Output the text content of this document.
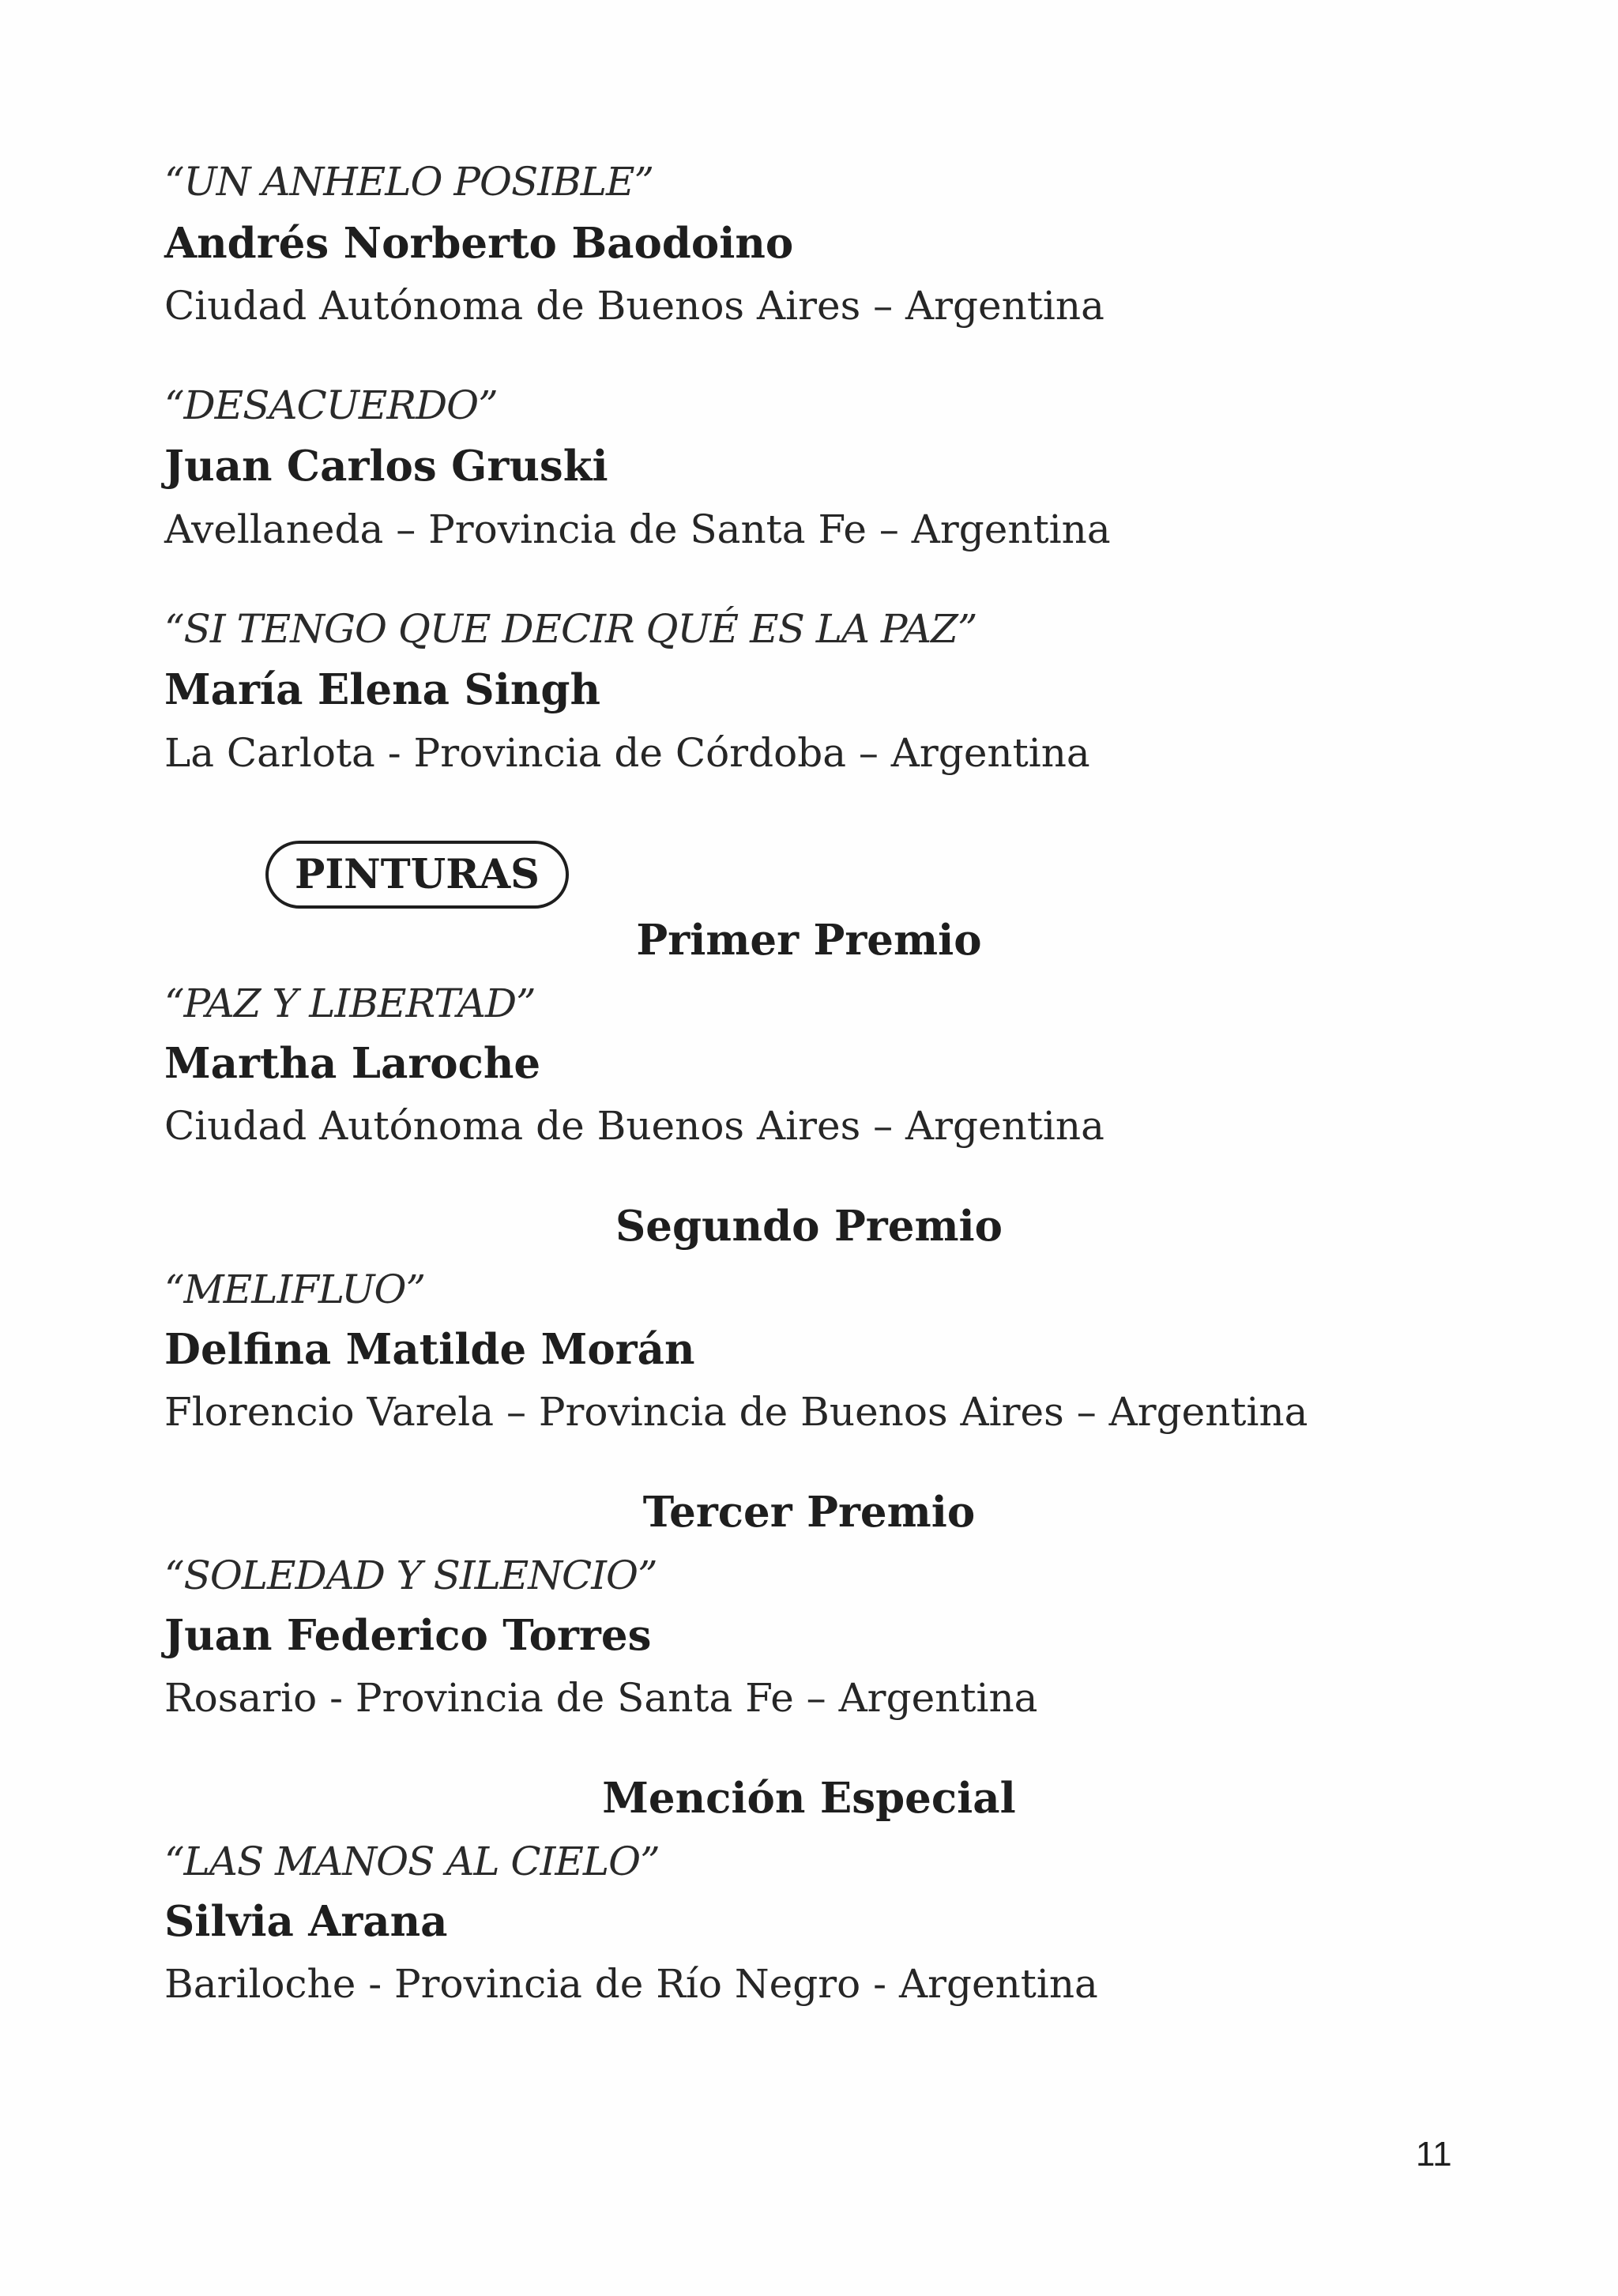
“UN ANHELO POSIBLE”
Andrés Norberto Baodoino
Ciudad Autónoma de Buenos Aires – Argentina
“DESACUERDO”
Juan Carlos Gruski
Avellaneda – Provincia de Santa Fe – Argentina
“SI TENGO QUE DECIR QUÉ ES LA PAZ”
María Elena Singh
La Carlota - Provincia de Córdoba – Argentina
PINTURAS
Primer Premio
“PAZ Y LIBERTAD”
Martha Laroche
Ciudad Autónoma de Buenos Aires – Argentina
Segundo Premio
“MELIFLUO”
Delfina Matilde Morán
Florencio Varela – Provincia de Buenos Aires – Argentina
Tercer Premio
“SOLEDAD Y SILENCIO”
Juan Federico Torres
Rosario - Provincia de Santa Fe – Argentina
Mención Especial
“LAS MANOS AL CIELO”
Silvia Arana
Bariloche - Provincia de Río Negro - Argentina
11
